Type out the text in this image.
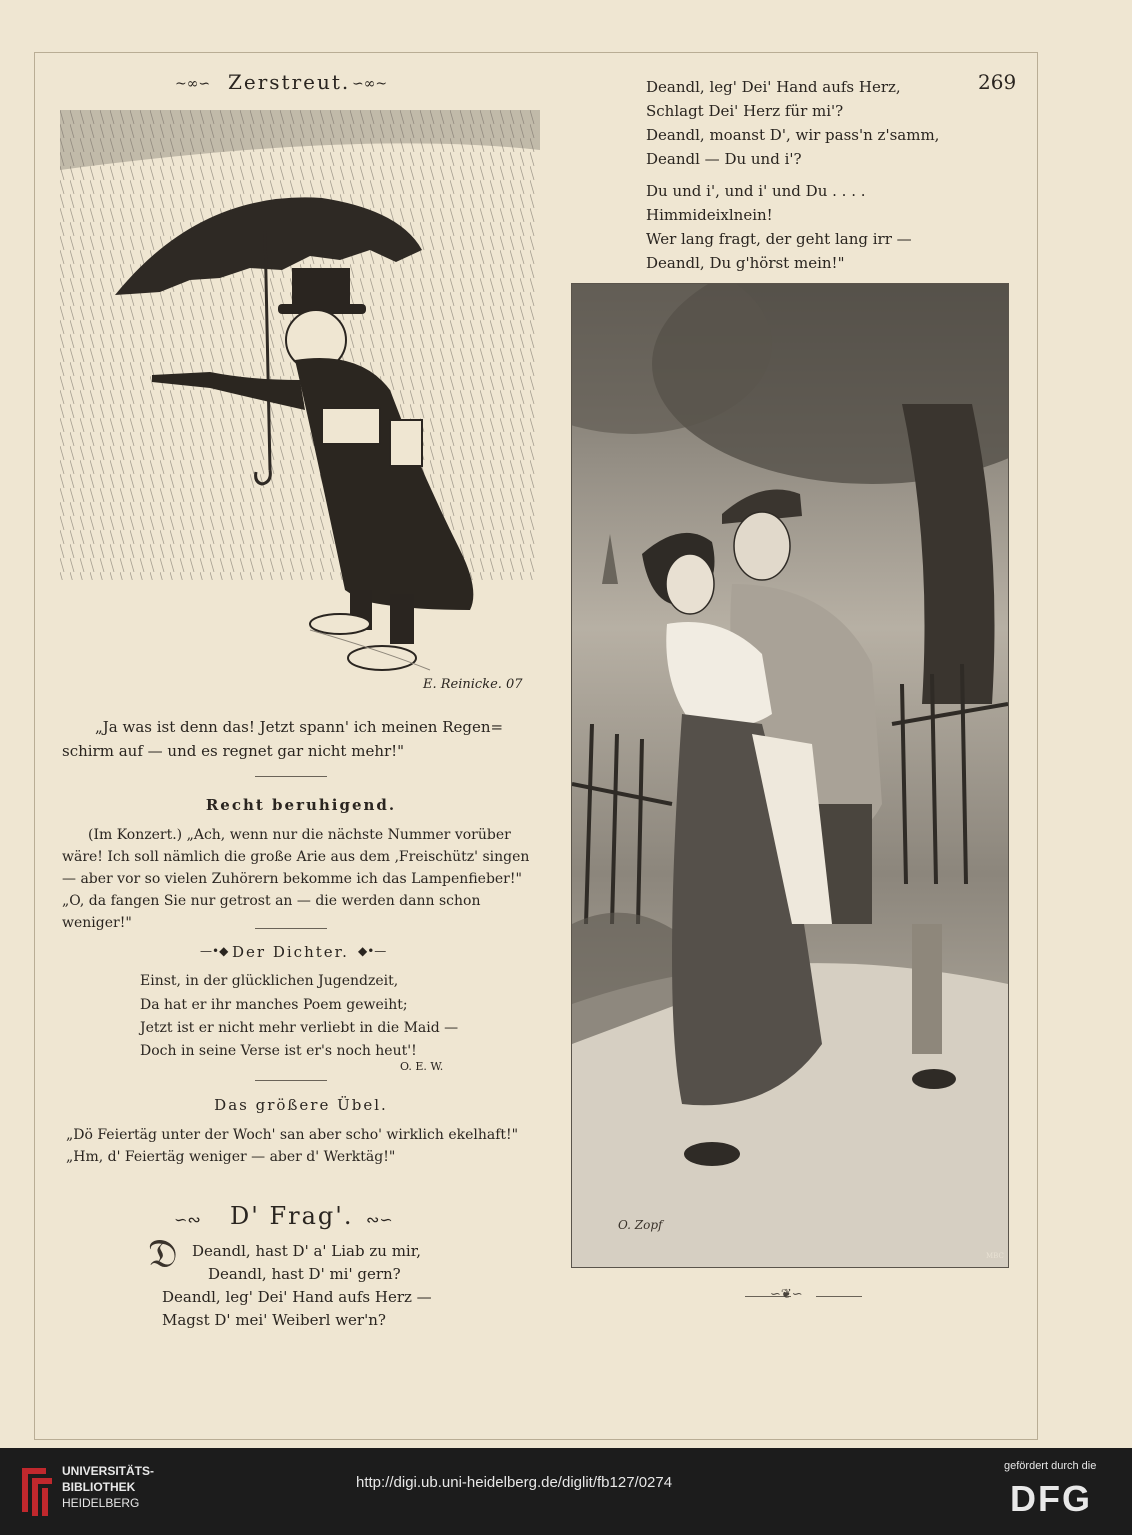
~∞∽ Zerstreut. ∽∞~	269
E. Reinicke. 07
„Ja was ist denn das! Jetzt spann' ich meinen Regen=
schirm auf — und es regnet gar nicht mehr!"
Recht beruhigend.
(Im Konzert.) „Ach, wenn nur die nächste Nummer vorüber
wäre! Ich soll nämlich die große Arie aus dem ‚Freischütz' singen
— aber vor so vielen Zuhörern bekomme ich das Lampenfieber!"
„O, da fangen Sie nur getrost an — die werden dann schon
weniger!"
—•◆ Der Dichter. ◆•—
Einst, in der glücklichen Jugendzeit,
Da hat er ihr manches Poem geweiht;
Jetzt ist er nicht mehr verliebt in die Maid —
Doch in seine Verse ist er's noch heut'!
O. E. W.
Das größere Übel.
„Dö Feiertäg unter der Woch' san aber scho' wirklich ekelhaft!"
„Hm, d' Feiertäg weniger — aber d' Werktäg!"
∽∾ D' Frag'. ∾∽
𝔇 Deandl, hast D' a' Liab zu mir,
Deandl, hast D' mi' gern?
Deandl, leg' Dei' Hand aufs Herz —
Magst D' mei' Weiberl wer'n?
Deandl, leg' Dei' Hand aufs Herz,
Schlagt Dei' Herz für mi'?
Deandl, moanst D', wir pass'n z'samm,
Deandl — Du und i'?
Du und i', und i' und Du . . . .
Himmideixlnein!
Wer lang fragt, der geht lang irr —
Deandl, Du g'hörst mein!"
O. Zopf
MBC
∽❦∽
UNIVERSITÄTS-
BIBLIOTHEK
HEIDELBERG
http://digi.ub.uni-heidelberg.de/diglit/fb127/0274
gefördert durch die
DFG
